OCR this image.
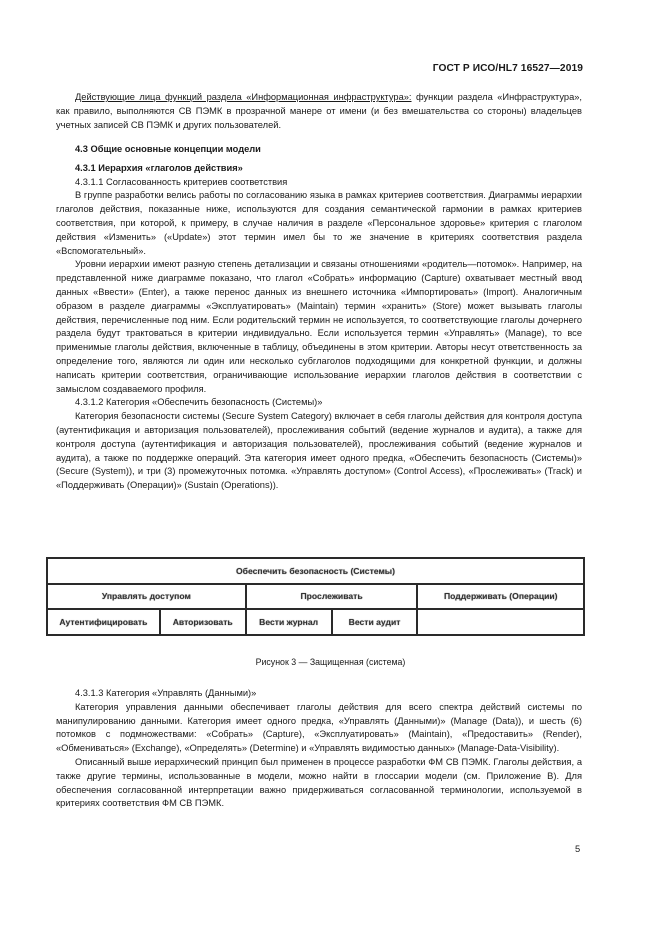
ГОСТ Р ИСО/HL7 16527—2019

Действующие лица функций раздела «Информационная инфраструктура»: функции раздела «Инфраструктура», как правило, выполняются СВ ПЭМК в прозрачной манере от имени (и без вмешательства со стороны) владельцев учетных записей СВ ПЭМК и других пользователей.

4.3 Общие основные концепции модели

4.3.1 Иерархия «глаголов действия»

4.3.1.1 Согласованность критериев соответствия

В группе разработки велись работы по согласованию языка в рамках критериев соответствия. Диаграммы иерархии глаголов действия, показанные ниже, используются для создания семантической гармонии в рамках критериев соответствия, при которой, к примеру, в случае наличия в разделе «Персональное здоровье» критерия с глаголом действия «Изменить» («Update») этот термин имел бы то же значение в критериях соответствия раздела «Вспомогательный».

Уровни иерархии имеют разную степень детализации и связаны отношениями «родитель—потомок». Например, на представленной ниже диаграмме показано, что глагол «Собрать» информацию (Capture) охватывает местный ввод данных «Ввести» (Enter), а также перенос данных из внешнего источника «Импортировать» (Import). Аналогичным образом в разделе диаграммы «Эксплуатировать» (Maintain) термин «хранить» (Store) может вызывать глаголы действия, перечисленные под ним. Если родительский термин не используется, то соответствующие глаголы дочернего раздела будут трактоваться в критерии индивидуально. Если используется термин «Управлять» (Manage), то все применимые глаголы действия, включенные в таблицу, объединены в этом критерии. Авторы несут ответственность за определение того, являются ли один или несколько субглаголов подходящими для конкретной функции, и должны написать критерии соответствия, ограничивающие использование иерархии глаголов действия в соответствии с замыслом создаваемого профиля.

4.3.1.2 Категория «Обеспечить безопасность (Системы)»

Категория безопасности системы (Secure System Category) включает в себя глаголы действия для контроля доступа (аутентификация и авторизация пользователей), прослеживания событий (ведение журналов и аудита), а также для контроля доступа (аутентификация и авторизация пользователей), прослеживания событий (ведение журналов и аудита), а также по поддержке операций. Эта категория имеет одного предка, «Обеспечить безопасность (Системы)» (Secure (System)), и три (3) промежуточных потомка. «Управлять доступом» (Control Access), «Прослеживать» (Track) и «Поддерживать (Операции)» (Sustain (Operations)).

Обеспечить безопасность (Системы)				
Управлять доступом		Прослеживать		Поддерживать (Операции)
Аутентифицировать	Авторизовать	Вести журнал	Вести аудит	
Рисунок 3 — Защищенная (система)

4.3.1.3 Категория «Управлять (Данными)»

Категория управления данными обеспечивает глаголы действия для всего спектра действий системы по манипулированию данными. Категория имеет одного предка, «Управлять (Данными)» (Manage (Data)), и шесть (6) потомков с подмножествами: «Собрать» (Capture), «Эксплуатировать» (Maintain), «Предоставить» (Render), «Обмениваться» (Exchange), «Определять» (Determine) и «Управлять видимостью данных» (Manage-Data-Visibility).

Описанный выше иерархический принцип был применен в процессе разработки ФМ СВ ПЭМК. Глаголы действия, а также другие термины, использованные в модели, можно найти в глоссарии модели (см. Приложение В). Для обеспечения согласованной интерпретации важно придерживаться согласованной терминологии, используемой в критериях соответствия ФМ СВ ПЭМК.

5
